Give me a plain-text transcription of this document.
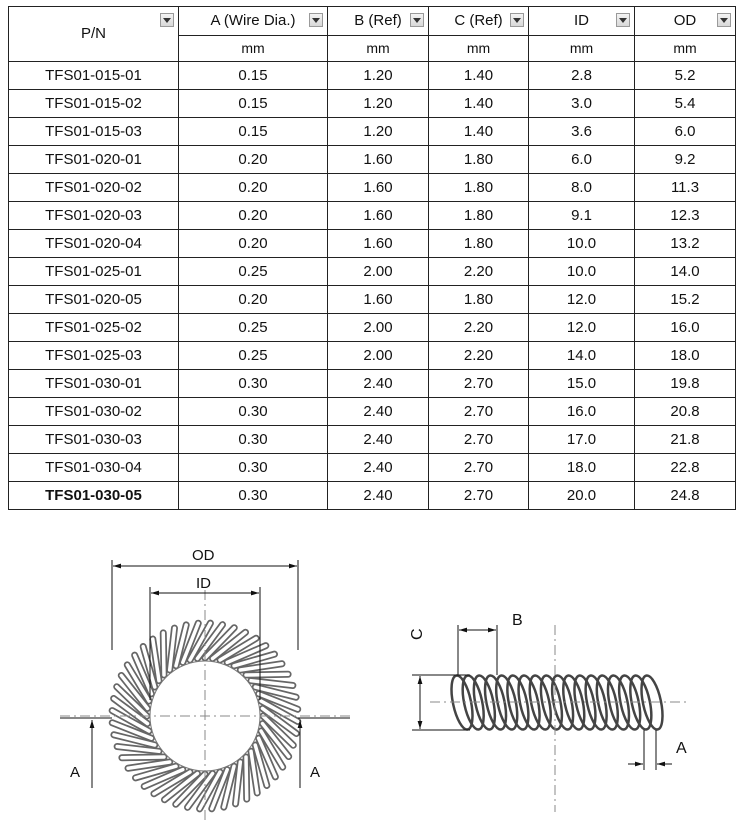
P/N	A (Wire Dia.)	B (Ref)	C (Ref)	ID	OD

	mm	mm	mm	mm	mm
TFS01-015-01	0.15	1.20	1.40	2.8	5.2
TFS01-015-02	0.15	1.20	1.40	3.0	5.4
TFS01-015-03	0.15	1.20	1.40	3.6	6.0
TFS01-020-01	0.20	1.60	1.80	6.0	9.2
TFS01-020-02	0.20	1.60	1.80	8.0	11.3
TFS01-020-03	0.20	1.60	1.80	9.1	12.3
TFS01-020-04	0.20	1.60	1.80	10.0	13.2
TFS01-025-01	0.25	2.00	2.20	10.0	14.0
TFS01-020-05	0.20	1.60	1.80	12.0	15.2
TFS01-025-02	0.25	2.00	2.20	12.0	16.0
TFS01-025-03	0.25	2.00	2.20	14.0	18.0
TFS01-030-01	0.30	2.40	2.70	15.0	19.8
TFS01-030-02	0.30	2.40	2.70	16.0	20.8
TFS01-030-03	0.30	2.40	2.70	17.0	21.8
TFS01-030-04	0.30	2.40	2.70	18.0	22.8
TFS01-030-05	0.30	2.40	2.70	20.0	24.8
OD
ID
A	A
B
C
A
